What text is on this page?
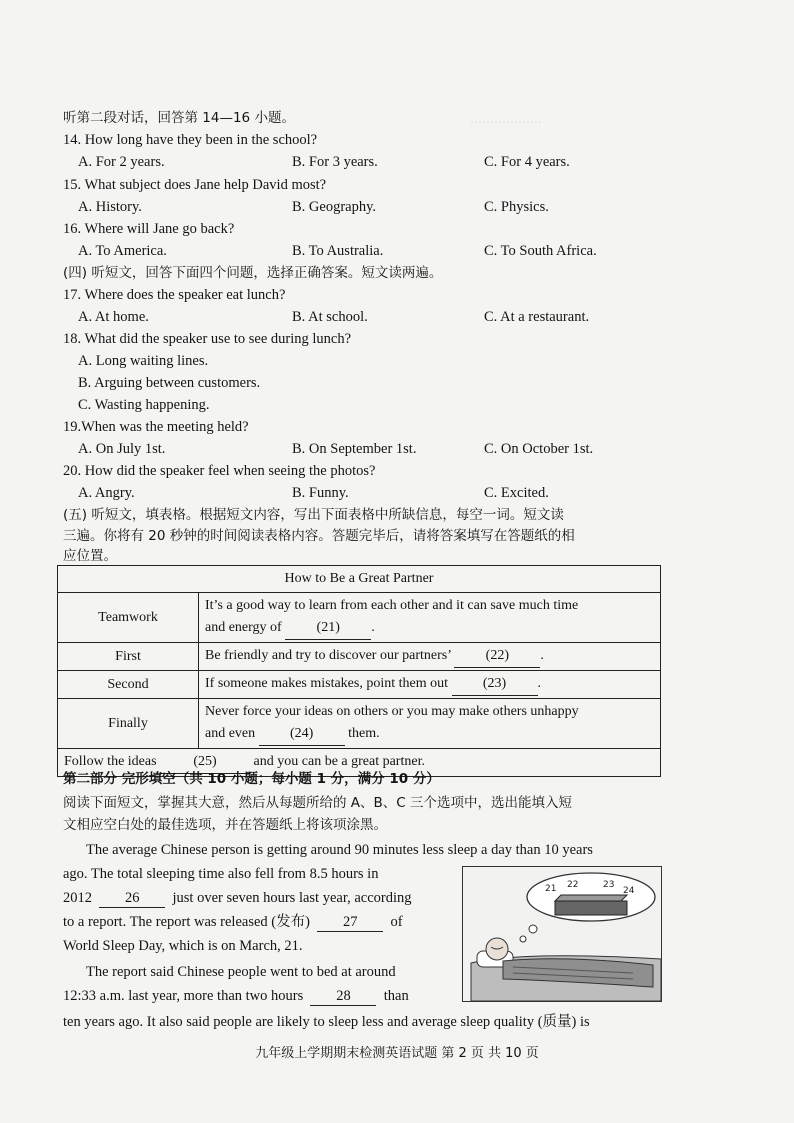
………………
听第二段对话，回答第 14—16 小题。
14. How long have they been in the school?
A. For 2 years.	B. For 3 years.	C. For 4 years.
15. What subject does Jane help David most?
A. History.	B. Geography.	C. Physics.
16. Where will Jane go back?
A. To America.	B. To Australia.	C. To South Africa.
(四) 听短文，回答下面四个问题，选择正确答案。短文读两遍。
17. Where does the speaker eat lunch?
A. At home.	B. At school.	C. At a restaurant.
18. What did the speaker use to see during lunch?
A. Long waiting lines.
B. Arguing between customers.
C. Wasting happening.
19.When was the meeting held?
A. On July 1st.	B. On September 1st.	C. On October 1st.
20. How did the speaker feel when seeing the photos?
A. Angry.	B. Funny.	C. Excited.
(五) 听短文，填表格。根据短文内容，写出下面表格中所缺信息，每空一词。短文读
三遍。你将有 20 秒钟的时间阅读表格内容。答题完毕后，请将答案填写在答题纸的相
应位置。
How to Be a Great Partner	
Teamwork	It’s a good way to learn from each other and it can save much time
and energy of (21) .

First	Be friendly and try to discover our partners’ (22) .
Second	If someone makes mistakes, point them out (23) .
Finally	Never force your ideas on others or you may make others unhappy
and even (24) them.

Follow the ideas (25) and you can be a great partner.	
第二部分 完形填空（共 10 小题；每小题 1 分，满分 10 分）
阅读下面短文，掌握其大意，然后从每题所给的 A、B、C 三个选项中，选出能填入短
文相应空白处的最佳选项，并在答题纸上将该项涂黑。
The average Chinese person is getting around 90 minutes less sleep a day than 10 years
ago. The total sleeping time also fell from 8.5 hours in
2012 26 just over seven hours last year, according
to a report. The report was released (发布) 27 of
World Sleep Day, which is on March, 21.
The report said Chinese people went to bed at around
12:33 a.m. last year, more than two hours 28 than
ten years ago. It also said people are likely to sleep less and average sleep quality (质量) is
21 22	23
24
九年级上学期期末检测英语试题 第 2 页 共 10 页
